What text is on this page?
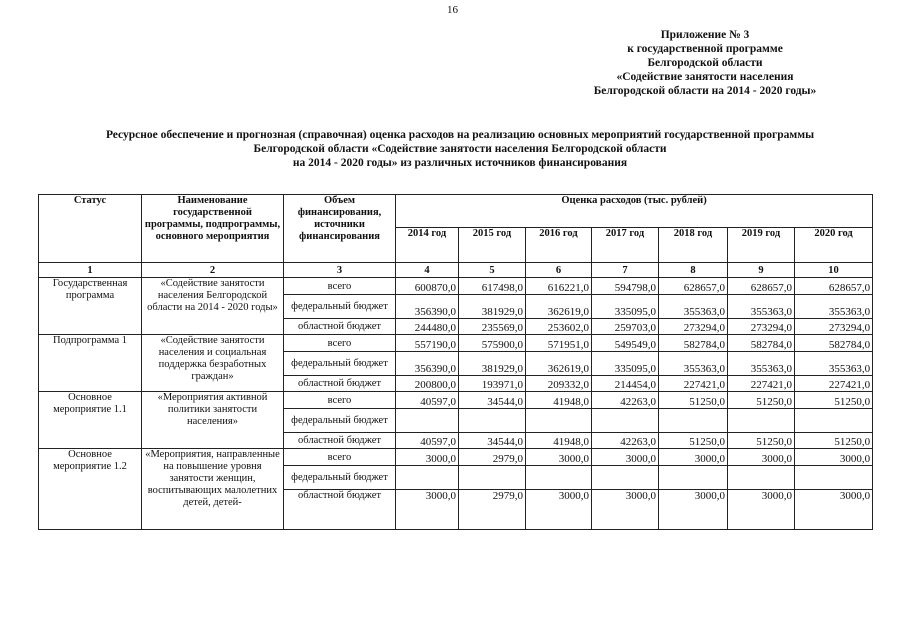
16
Приложение № 3
к государственной программе
Белгородской области
«Содействие занятости населения
Белгородской области на 2014 - 2020 годы»
Ресурсное обеспечение и прогнозная (справочная) оценка расходов на реализацию основных мероприятий государственной программы
Белгородской области «Содействие занятости населения Белгородской области
на 2014 - 2020 годы» из различных источников финансирования
Статус	Наименование государственной программы, подпрограммы, основного мероприятия	Объем финансирования, источники финансирования	Оценка расходов (тыс. рублей)						
			2014 год	2015 год	2016 год	2017 год	2018 год	2019 год	2020 год
1	2	3	4	5	6	7	8	9	10
Государственная программа	«Содействие занятости населения Белгородской области на 2014 - 2020 годы»	всего	600870,0	617498,0	616221,0	594798,0	628657,0	628657,0	628657,0
		федеральный бюджет	356390,0	381929,0	362619,0	335095,0	355363,0	355363,0	355363,0
		областной бюджет	244480,0	235569,0	253602,0	259703,0	273294,0	273294,0	273294,0
Подпрограмма 1	«Содействие занятости населения и социальная поддержка безработных граждан»	всего	557190,0	575900,0	571951,0	549549,0	582784,0	582784,0	582784,0
		федеральный бюджет	356390,0	381929,0	362619,0	335095,0	355363,0	355363,0	355363,0
		областной бюджет	200800,0	193971,0	209332,0	214454,0	227421,0	227421,0	227421,0
Основное мероприятие 1.1	«Мероприятия активной политики занятости населения»	всего	40597,0	34544,0	41948,0	42263,0	51250,0	51250,0	51250,0
		федеральный бюджет							
		областной бюджет	40597,0	34544,0	41948,0	42263,0	51250,0	51250,0	51250,0
Основное мероприятие 1.2	«Мероприятия, направленные на повышение уровня занятости женщин, воспитывающих малолетних детей, детей-	всего	3000,0	2979,0	3000,0	3000,0	3000,0	3000,0	3000,0
		федеральный бюджет							
		областной бюджет	3000,0	2979,0	3000,0	3000,0	3000,0	3000,0	3000,0
